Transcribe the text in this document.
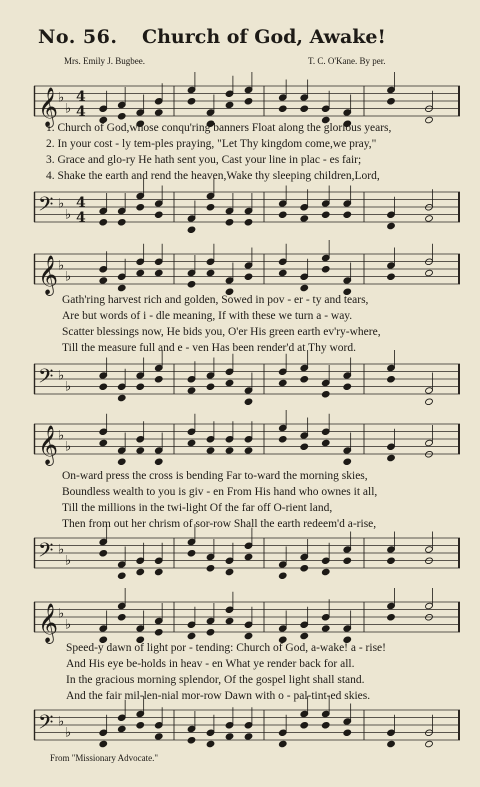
No. 56. Church of God, Awake!
Mrs. Emily J. Bugbee.	T. C. O'Kane. By per.
𝄞 ♭
♭
4
4
1. Church of God,whose conqu'ring banners Float along the glorious years,
2. In your cost - ly tem-ples praying, "Let Thy kingdom come,we pray,"
3. Grace and glo-ry He hath sent you, Cast your line in plac - es fair;
4. Shake the earth and rend the heaven,Wake thy sleeping children,Lord,
𝄢 ♭
♭
4
4
𝄞 ♭
♭
Gath'ring harvest rich and golden, Sowed in pov - er - ty and tears,
Are but words of i - dle meaning, If with these we turn a - way.
Scatter blessings now, He bids you, O'er His green earth ev'ry-where,
Till the measure full and e - ven Has been render'd at Thy word.
𝄢 ♭
♭
𝄞 ♭
♭
On-ward press the cross is bending Far to-ward the morning skies,
Boundless wealth to you is giv - en From His hand who ownes it all,
Till the millions in the twi-light Of the far off O-rient land,
Then from out her chrism of sor-row Shall the earth redeem'd a-rise,
𝄢 ♭
♭
𝄞 ♭
♭
Speed-y dawn of light por - tending: Church of God, a-wake! a - rise!
And His eye be-holds in heav - en What ye render back for all.
In the gracious morning splendor, Of the gospel light shall stand.
And the fair mil-len-nial mor-row Dawn with o - pal-tint-ed skies.
𝄢 ♭
♭
From "Missionary Advocate."
